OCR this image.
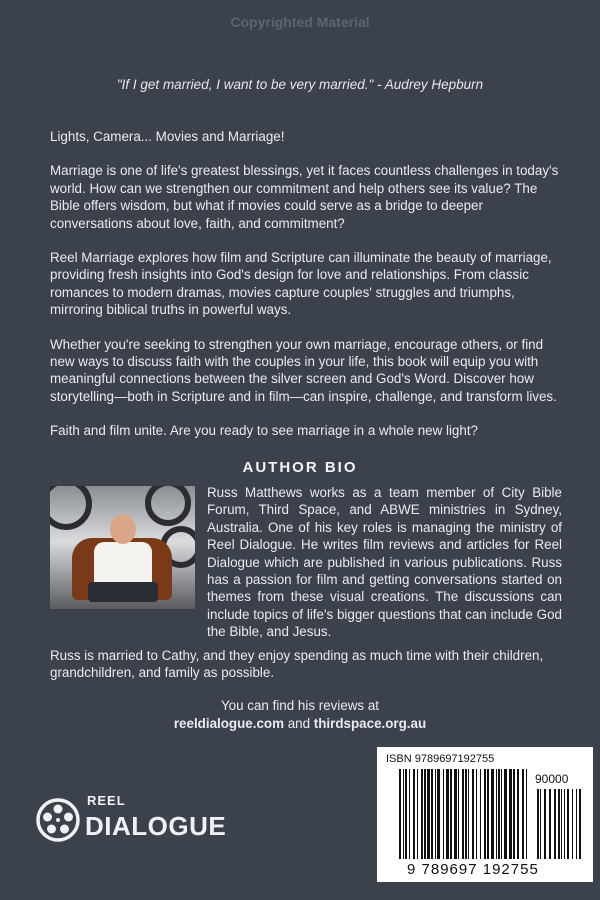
Copyrighted Material
"If I get married, I want to be very married." - Audrey Hepburn

Lights, Camera... Movies and Marriage!

Marriage is one of life's greatest blessings, yet it faces countless challenges in today's world. How can we strengthen our commitment and help others see its value? The Bible offers wisdom, but what if movies could serve as a bridge to deeper conversations about love, faith, and commitment?

Reel Marriage explores how film and Scripture can illuminate the beauty of marriage, providing fresh insights into God's design for love and relationships. From classic romances to modern dramas, movies capture couples' struggles and triumphs, mirroring biblical truths in powerful ways.

Whether you're seeking to strengthen your own marriage, encourage others, or find new ways to discuss faith with the couples in your life, this book will equip you with meaningful connections between the silver screen and God's Word. Discover how storytelling—both in Scripture and in film—can inspire, challenge, and transform lives.

Faith and film unite. Are you ready to see marriage in a whole new light?

AUTHOR BIO
Russ Matthews works as a team member of City Bible Forum, Third Space, and ABWE ministries in Sydney, Australia. One of his key roles is managing the ministry of Reel Dialogue. He writes film reviews and articles for Reel Dialogue which are published in various publications. Russ has a passion for film and getting conversations started on themes from these visual creations. The discussions can include topics of life's bigger questions that can include God the Bible, and Jesus.
Russ is married to Cathy, and they enjoy spending as much time with their children, grandchildren, and family as possible.
You can find his reviews at
reeldialogue.com and thirdspace.org.au
REEL
DIALOGUE
ISBN 9789697192755
90000
9 789697 192755
